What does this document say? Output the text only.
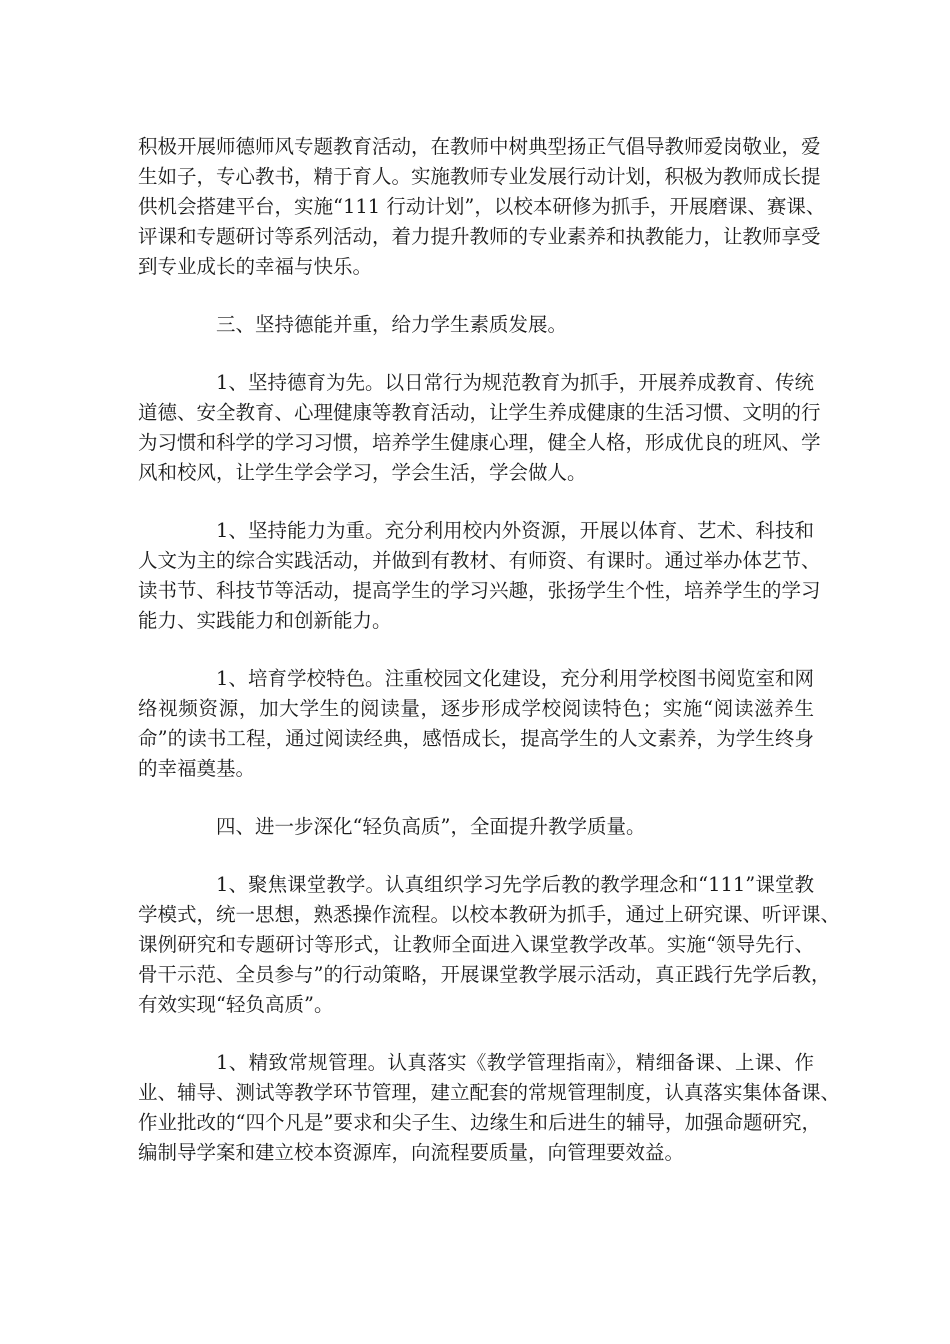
积极开展师德师风专题教育活动，在教师中树典型扬正气倡导教师爱岗敬业，爱
生如子，专心教书，精于育人。实施教师专业发展行动计划，积极为教师成长提
供机会搭建平台，实施“111 行动计划”，以校本研修为抓手，开展磨课、赛课、
评课和专题研讨等系列活动，着力提升教师的专业素养和执教能力，让教师享受
到专业成长的幸福与快乐。
三、坚持德能并重，给力学生素质发展。
1、坚持德育为先。以日常行为规范教育为抓手，开展养成教育、传统
道德、安全教育、心理健康等教育活动，让学生养成健康的生活习惯、文明的行
为习惯和科学的学习习惯，培养学生健康心理，健全人格，形成优良的班风、学
风和校风，让学生学会学习，学会生活，学会做人。
1、坚持能力为重。充分利用校内外资源，开展以体育、艺术、科技和
人文为主的综合实践活动，并做到有教材、有师资、有课时。通过举办体艺节、
读书节、科技节等活动，提高学生的学习兴趣，张扬学生个性，培养学生的学习
能力、实践能力和创新能力。
1、培育学校特色。注重校园文化建设，充分利用学校图书阅览室和网
络视频资源，加大学生的阅读量，逐步形成学校阅读特色；实施“阅读滋养生
命”的读书工程，通过阅读经典，感悟成长，提高学生的人文素养，为学生终身
的幸福奠基。
四、进一步深化“轻负高质”，全面提升教学质量。
1、聚焦课堂教学。认真组织学习先学后教的教学理念和“111”课堂教
学模式，统一思想，熟悉操作流程。以校本教研为抓手，通过上研究课、听评课、
课例研究和专题研讨等形式，让教师全面进入课堂教学改革。实施“领导先行、
骨干示范、全员参与”的行动策略，开展课堂教学展示活动，真正践行先学后教，
有效实现“轻负高质”。
1、精致常规管理。认真落实《教学管理指南》，精细备课、上课、作
业、辅导、测试等教学环节管理，建立配套的常规管理制度，认真落实集体备课、
作业批改的“四个凡是”要求和尖子生、边缘生和后进生的辅导，加强命题研究，
编制导学案和建立校本资源库，向流程要质量，向管理要效益。
